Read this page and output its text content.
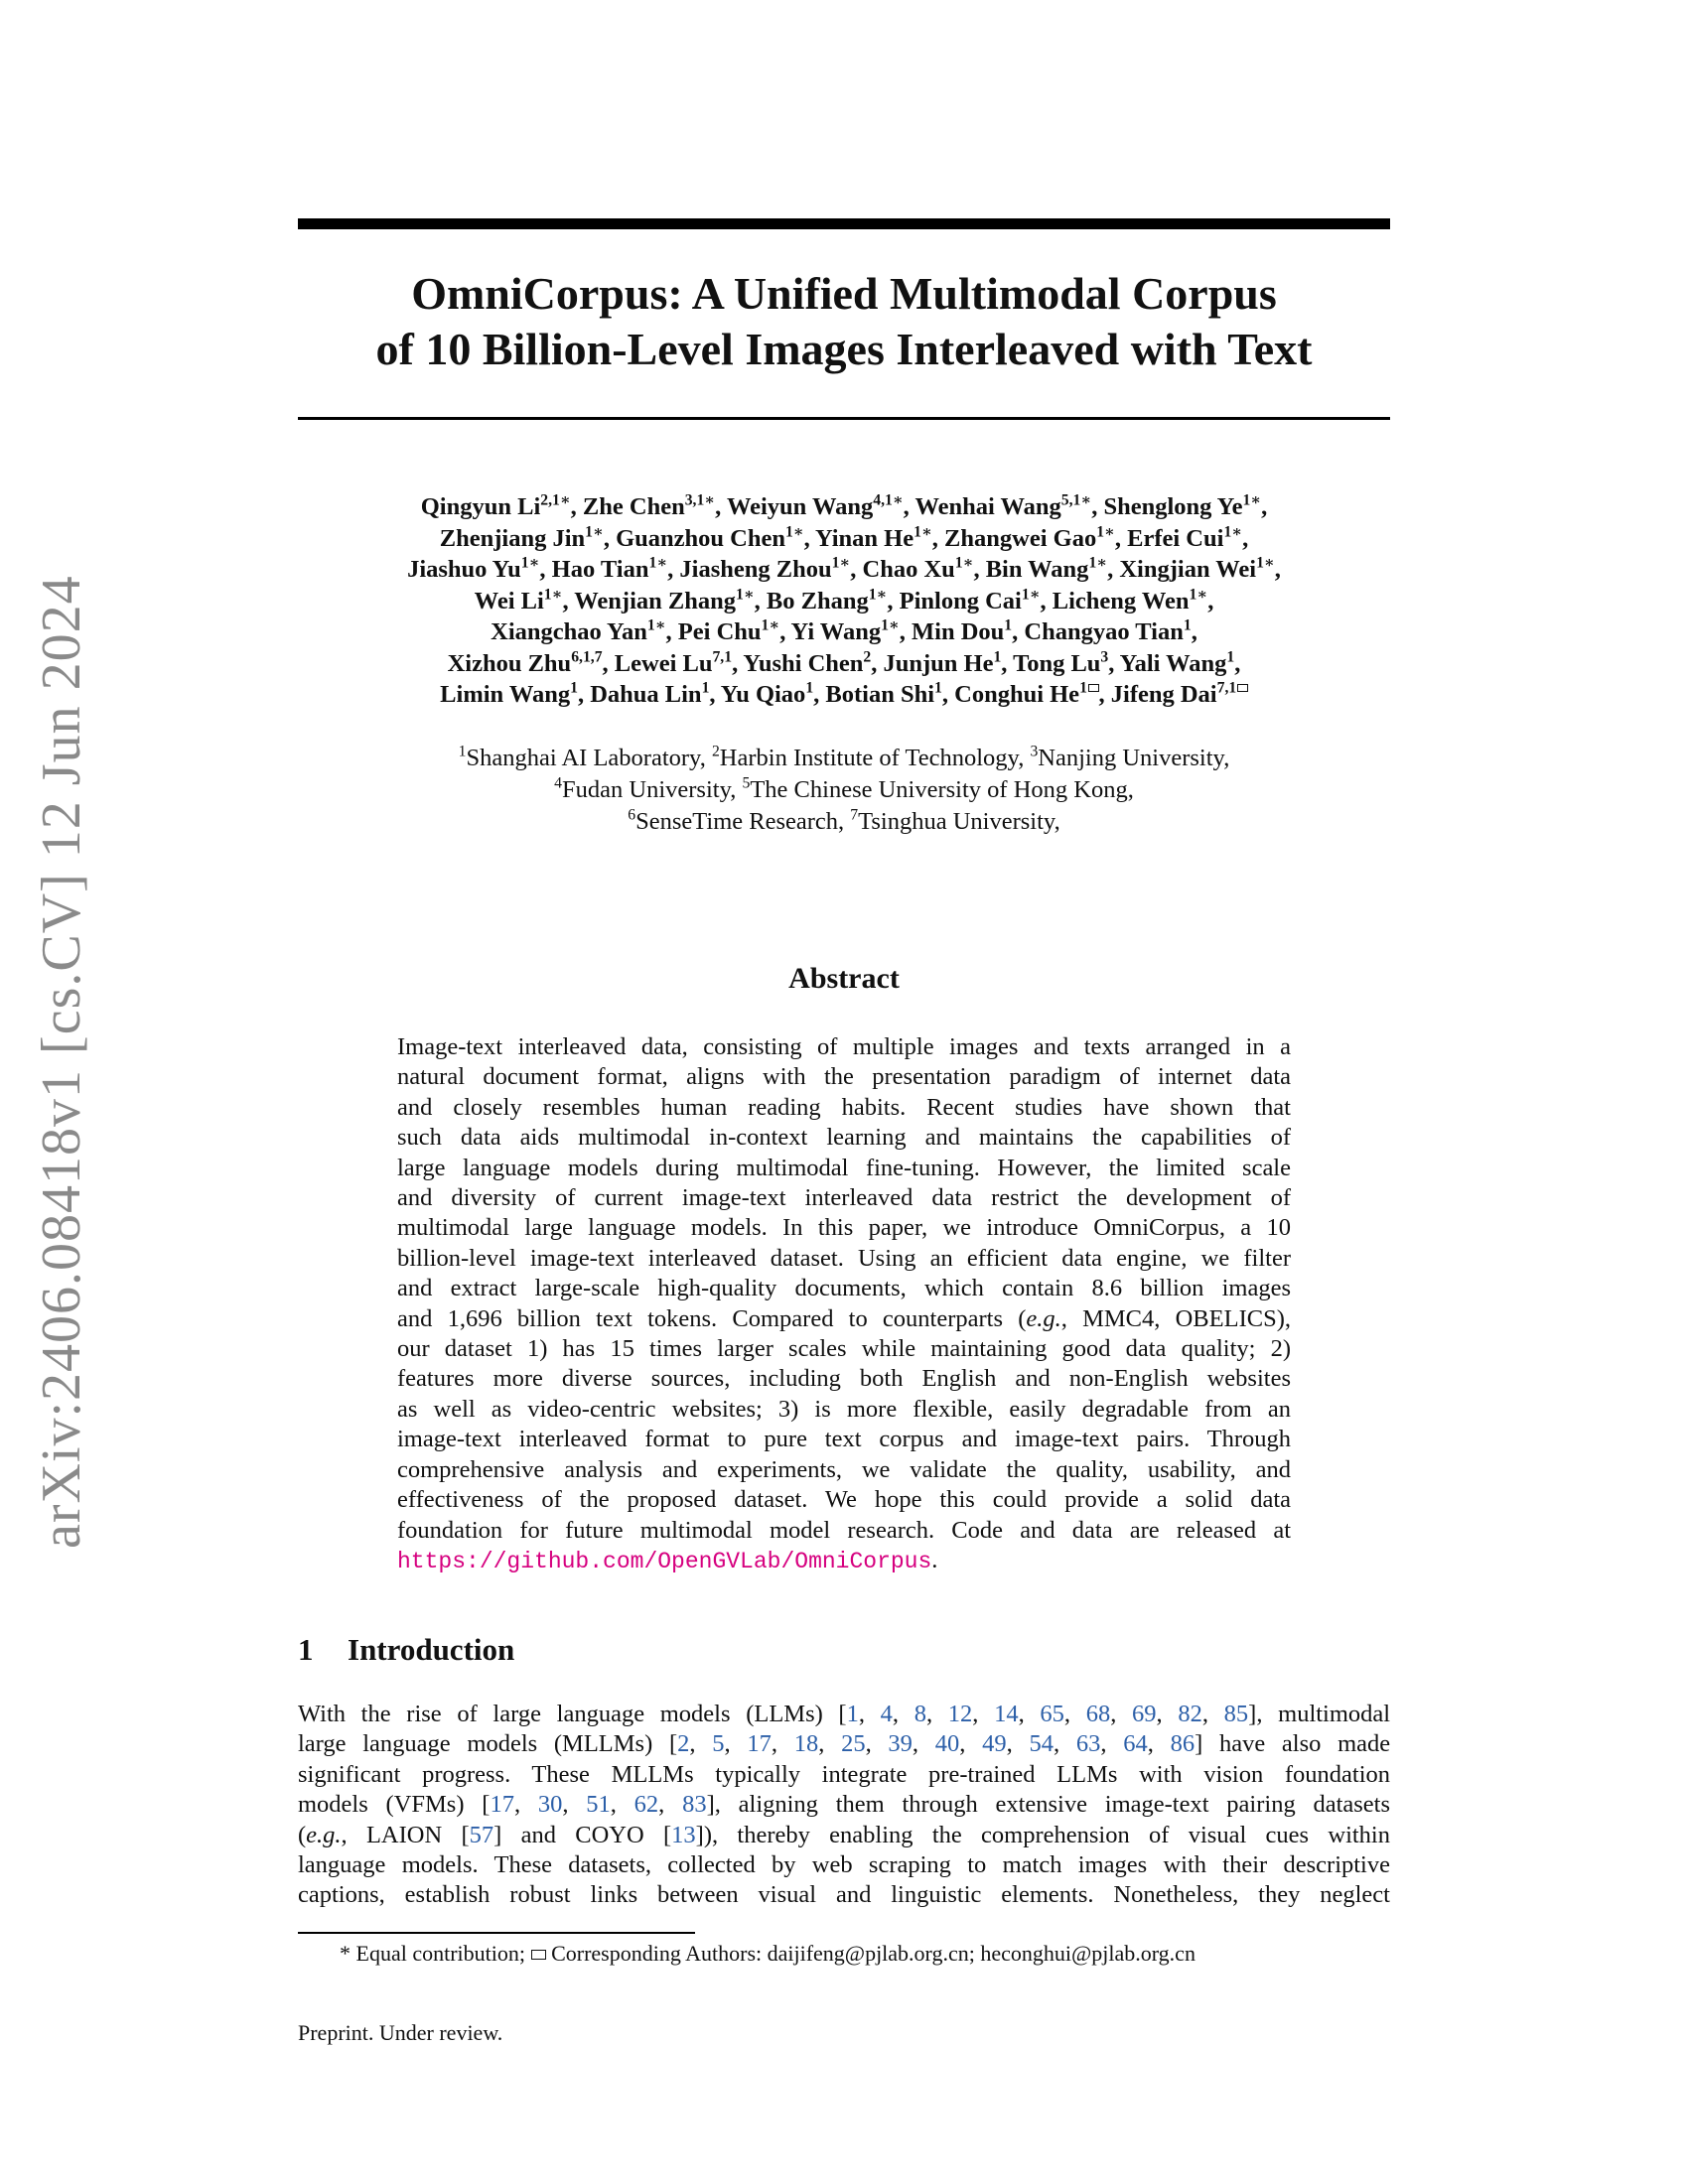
arXiv:2406.08418v1 [cs.CV] 12 Jun 2024
OmniCorpus: A Unified Multimodal Corpus
of 10 Billion-Level Images Interleaved with Text
Qingyun $Li^{2,1∗}$, Zhe Chen$^{3,1∗}$, Weiyun Wang$^{4,1∗}$, Wenhai Wang$^{5,1∗}$, Shenglong $Ye^{1∗}$,
Zhenjiang Jin$^{1∗}$, Guanzhou Chen$^{1∗}$, Yinan $He^{1∗}$, Zhangwei Gao$^{1∗}$, Erfei Cui$^{1∗}$,
Jiashuo $Yu^{1∗}$, Hao Tian$^{1∗}$, Jiasheng Zhou$^{1∗}$, Chao $Xu^{1∗}$, Bin Wang$^{1∗}$, Xingjian Wei$^{1∗}$,
Wei $Li^{1∗}$, Wenjian Zhang$^{1∗}$, Bo Zhang$^{1∗}$, Pinlong Cai$^{1∗}$, Licheng Wen$^{1∗}$,
Xiangchao Yan$^{1∗}$, Pei Chu$^{1∗}$, Yi Wang$^{1∗}$, Min Dou$^1$, Changyao Tian$^1$,
Xizhou Zhu$^{6,1,7}$, Lewei Lu$^{7,1}$, Yushi Chen$^2$, Junjun He$^1$, Tong Lu$^3$, Yali Wang$^1$,
Limin Wang$^1$, Dahua Lin$^1$, Yu Qiao$^1$, Botian Shi$^1$, Conghui He$^1$ , Jifeng Dai$^{7,1}$
$^1$Shanghai AI Laboratory, $^2$Harbin Institute of Technology, $^3$Nanjing University,
$^4$Fudan University, $^5$The Chinese University of Hong Kong,
$^6$SenseTime Research, $^7$Tsinghua University,
Abstract
Image-text interleaved data, consisting of multiple images and texts arranged in a
natural document format, aligns with the presentation paradigm of internet data
and closely resembles human reading habits. Recent studies have shown that
such data aids multimodal in-context learning and maintains the capabilities of
large language models during multimodal fine-tuning. However, the limited scale
and diversity of current image-text interleaved data restrict the development of
multimodal large language models. In this paper, we introduce OmniCorpus, a 10
billion-level image-text interleaved dataset. Using an efficient data engine, we filter
and extract large-scale high-quality documents, which contain 8.6 billion images
and 1,696 billion text tokens. Compared to counterparts (e.g., MMC4, OBELICS),
our dataset 1) has 15 times larger scales while maintaining good data quality; 2)
features more diverse sources, including both English and non-English websites
as well as video-centric websites; 3) is more flexible, easily degradable from an
image-text interleaved format to pure text corpus and image-text pairs. Through
comprehensive analysis and experiments, we validate the quality, usability, and
effectiveness of the proposed dataset. We hope this could provide a solid data
foundation for future multimodal model research. Code and data are released at
https://github.com/OpenGVLab/OmniCorpus.
1 Introduction
With the rise of large language models (LLMs) [1, 4, 8, 12, 14, 65, 68, 69, 82, 85], multimodal
large language models (MLLMs) [2, 5, 17, 18, 25, 39, 40, 49, 54, 63, 64, 86] have also made
significant progress. These MLLMs typically integrate pre-trained LLMs with vision foundation
models (VFMs) [17, 30, 51, 62, 83], aligning them through extensive image-text pairing datasets
(e.g., LAION [57] and COYO [13]), thereby enabling the comprehension of visual cues within
language models. These datasets, collected by web scraping to match images with their descriptive
captions, establish robust links between visual and linguistic elements. Nonetheless, they neglect
* Equal contribution;  Corresponding Authors: daijifeng@pjlab.org.cn; heconghui@pjlab.org.cn
Preprint. Under review.
